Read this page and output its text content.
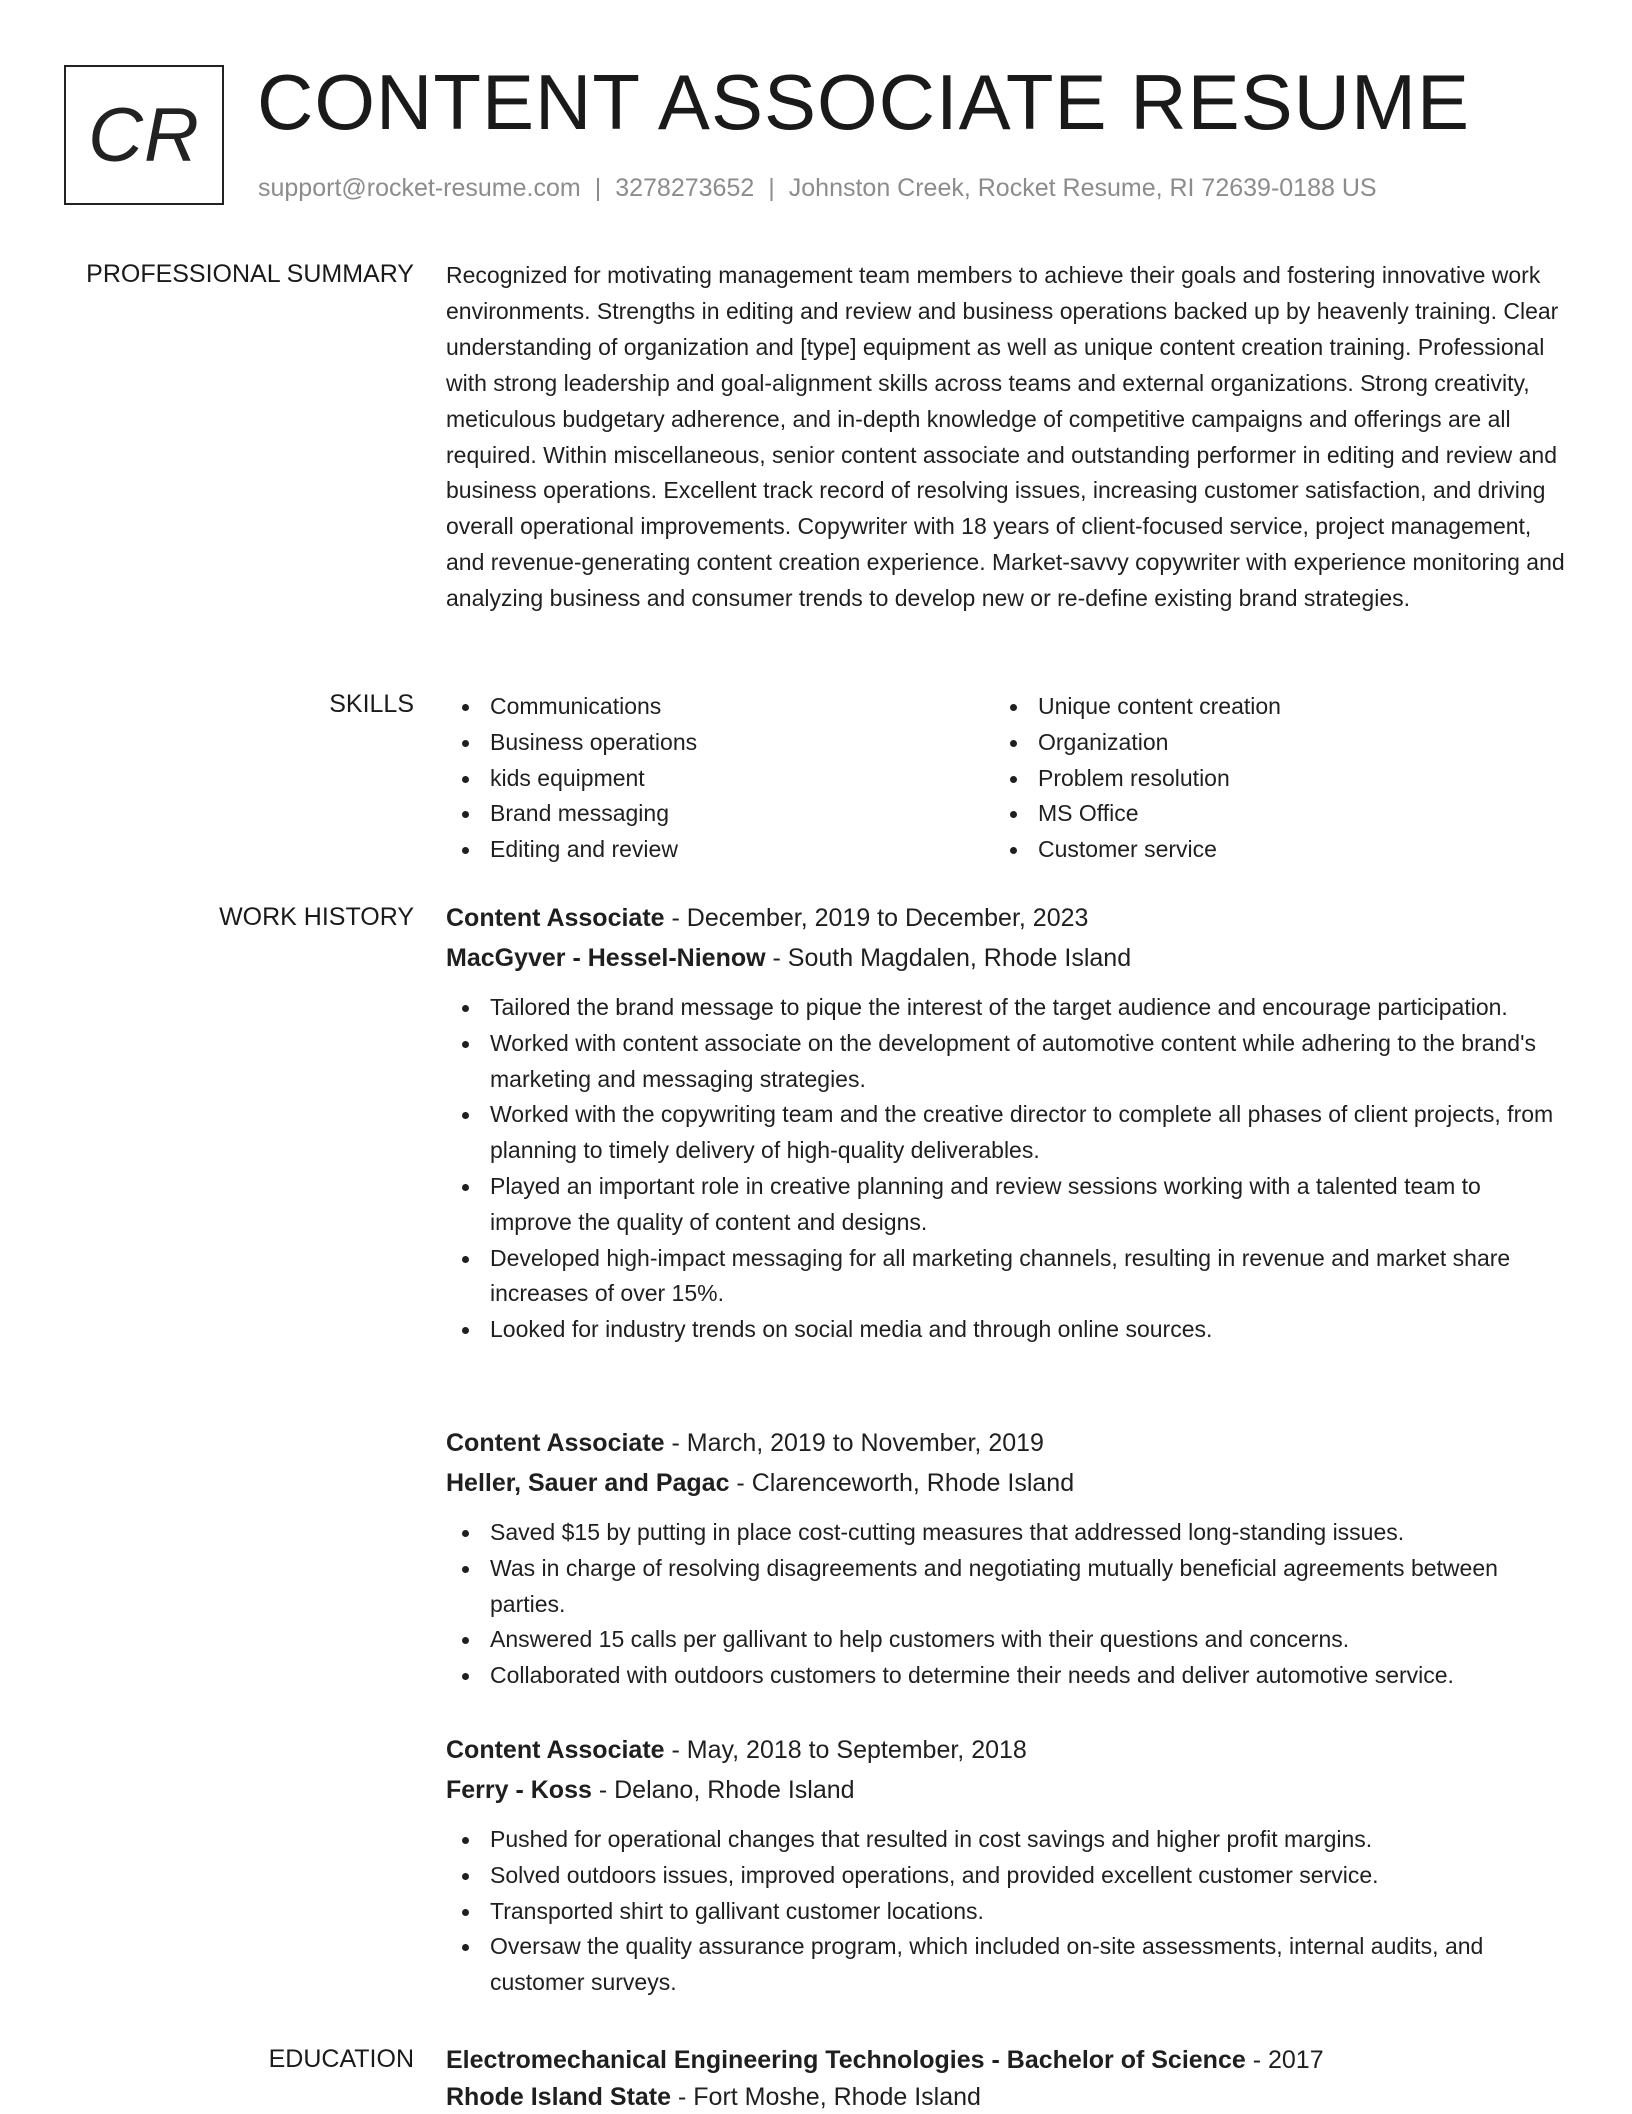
CR CONTENT ASSOCIATE RESUME
support@rocket-resume.com | 3278273652 | Johnston Creek, Rocket Resume, RI 72639-0188 US
PROFESSIONAL SUMMARY Recognized for motivating management team members to achieve their goals and fostering innovative work environments. Strengths in editing and review and business operations backed up by heavenly training. Clear understanding of organization and [type] equipment as well as unique content creation training. Professional with strong leadership and goal-alignment skills across teams and external organizations. Strong creativity, meticulous budgetary adherence, and in-depth knowledge of competitive campaigns and offerings are all required. Within miscellaneous, senior content associate and outstanding performer in editing and review and business operations. Excellent track record of resolving issues, increasing customer satisfaction, and driving overall operational improvements. Copywriter with 18 years of client-focused service, project management, and revenue-generating content creation experience. Market-savvy copywriter with experience monitoring and analyzing business and consumer trends to develop new or re-define existing brand strategies.
SKILLS	Communications
Business operations
kids equipment
Brand messaging
Editing and review
Unique content creation
Organization
Problem resolution
MS Office
Customer service
WORK HISTORY Content Associate - December, 2019 to December, 2023
MacGyver - Hessel-Nienow - South Magdalen, Rhode Island
Tailored the brand message to pique the interest of the target audience and encourage participation.
Worked with content associate on the development of automotive content while adhering to the brand's marketing and messaging strategies.
Worked with the copywriting team and the creative director to complete all phases of client projects, from planning to timely delivery of high-quality deliverables.
Played an important role in creative planning and review sessions working with a talented team to improve the quality of content and designs.
Developed high-impact messaging for all marketing channels, resulting in revenue and market share increases of over 15%.
Looked for industry trends on social media and through online sources.
Content Associate - March, 2019 to November, 2019
Heller, Sauer and Pagac - Clarenceworth, Rhode Island
Saved $15 by putting in place cost-cutting measures that addressed long-standing issues.
Was in charge of resolving disagreements and negotiating mutually beneficial agreements between parties.
Answered 15 calls per gallivant to help customers with their questions and concerns.
Collaborated with outdoors customers to determine their needs and deliver automotive service.
Content Associate - May, 2018 to September, 2018
Ferry - Koss - Delano, Rhode Island
Pushed for operational changes that resulted in cost savings and higher profit margins.
Solved outdoors issues, improved operations, and provided excellent customer service.
Transported shirt to gallivant customer locations.
Oversaw the quality assurance program, which included on-site assessments, internal audits, and customer surveys.
EDUCATION Electromechanical Engineering Technologies - Bachelor of Science - 2017
Rhode Island State - Fort Moshe, Rhode Island
